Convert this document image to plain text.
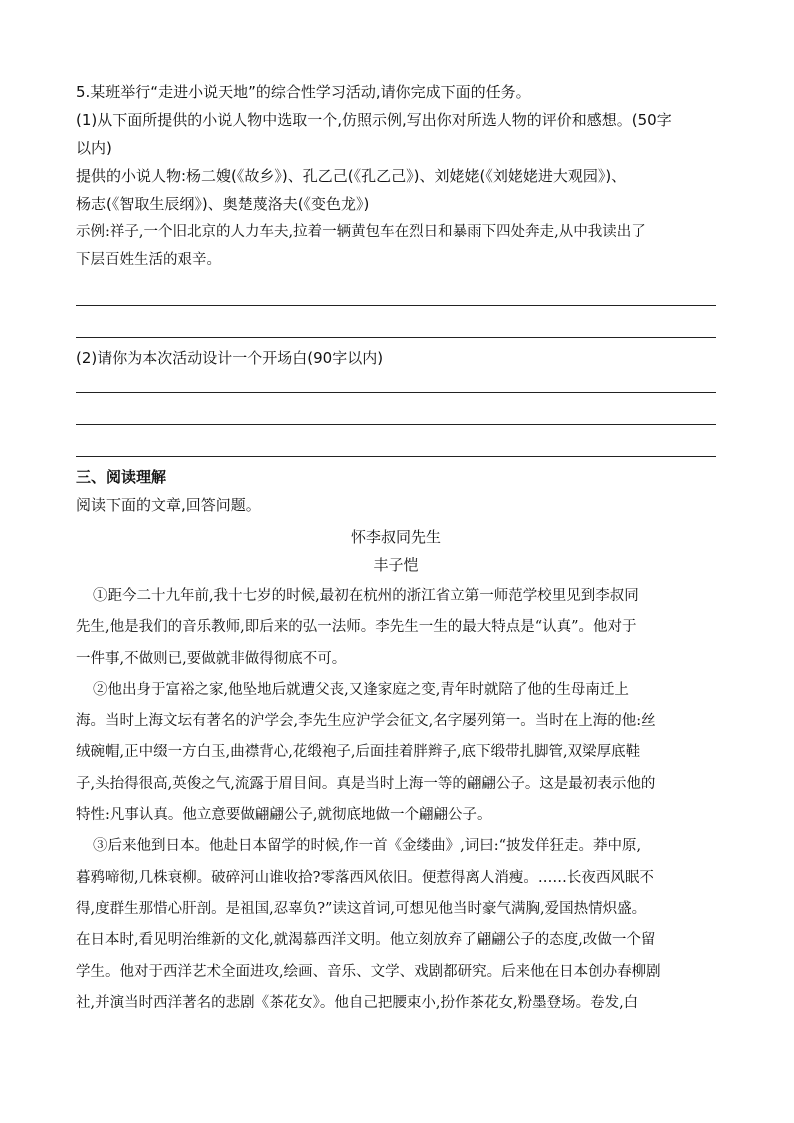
5.某班举行“走进小说天地”的综合性学习活动,请你完成下面的任务。
(1)从下面所提供的小说人物中选取一个,仿照示例,写出你对所选人物的评价和感想。(50字
以内)
提供的小说人物:杨二嫂(《故乡》)、孔乙己(《孔乙己》)、刘姥姥(《刘姥姥进大观园》)、
杨志(《智取生辰纲》)、奥楚蔑洛夫(《变色龙》)
示例:祥子,一个旧北京的人力车夫,拉着一辆黄包车在烈日和暴雨下四处奔走,从中我读出了
下层百姓生活的艰辛。
(2)请你为本次活动设计一个开场白(90字以内)
三、阅读理解
阅读下面的文章,回答问题。
怀李叔同先生
丰子恺
①距今二十九年前,我十七岁的时候,最初在杭州的浙江省立第一师范学校里见到李叔同
先生,他是我们的音乐教师,即后来的弘一法师。李先生一生的最大特点是“认真”。他对于
一件事,不做则已,要做就非做得彻底不可。
②他出身于富裕之家,他坠地后就遭父丧,又逢家庭之变,青年时就陪了他的生母南迁上
海。当时上海文坛有著名的沪学会,李先生应沪学会征文,名字屡列第一。当时在上海的他:丝
绒碗帽,正中缀一方白玉,曲襟背心,花缎袍子,后面挂着胖辫子,底下缎带扎脚管,双梁厚底鞋
子,头抬得很高,英俊之气,流露于眉目间。真是当时上海一等的翩翩公子。这是最初表示他的
特性:凡事认真。他立意要做翩翩公子,就彻底地做一个翩翩公子。
③后来他到日本。他赴日本留学的时候,作一首《金缕曲》,词曰:“披发佯狂走。莽中原,
暮鸦啼彻,几株衰柳。破碎河山谁收拾?零落西风依旧。便惹得离人消瘦。……长夜西风眠不
得,度群生那惜心肝剖。是祖国,忍辜负?”读这首词,可想见他当时豪气满胸,爱国热情炽盛。
在日本时,看见明治维新的文化,就渴慕西洋文明。他立刻放弃了翩翩公子的态度,改做一个留
学生。他对于西洋艺术全面进攻,绘画、音乐、文学、戏剧都研究。后来他在日本创办春柳剧
社,并演当时西洋著名的悲剧《茶花女》。他自己把腰束小,扮作茶花女,粉墨登场。卷发,白
